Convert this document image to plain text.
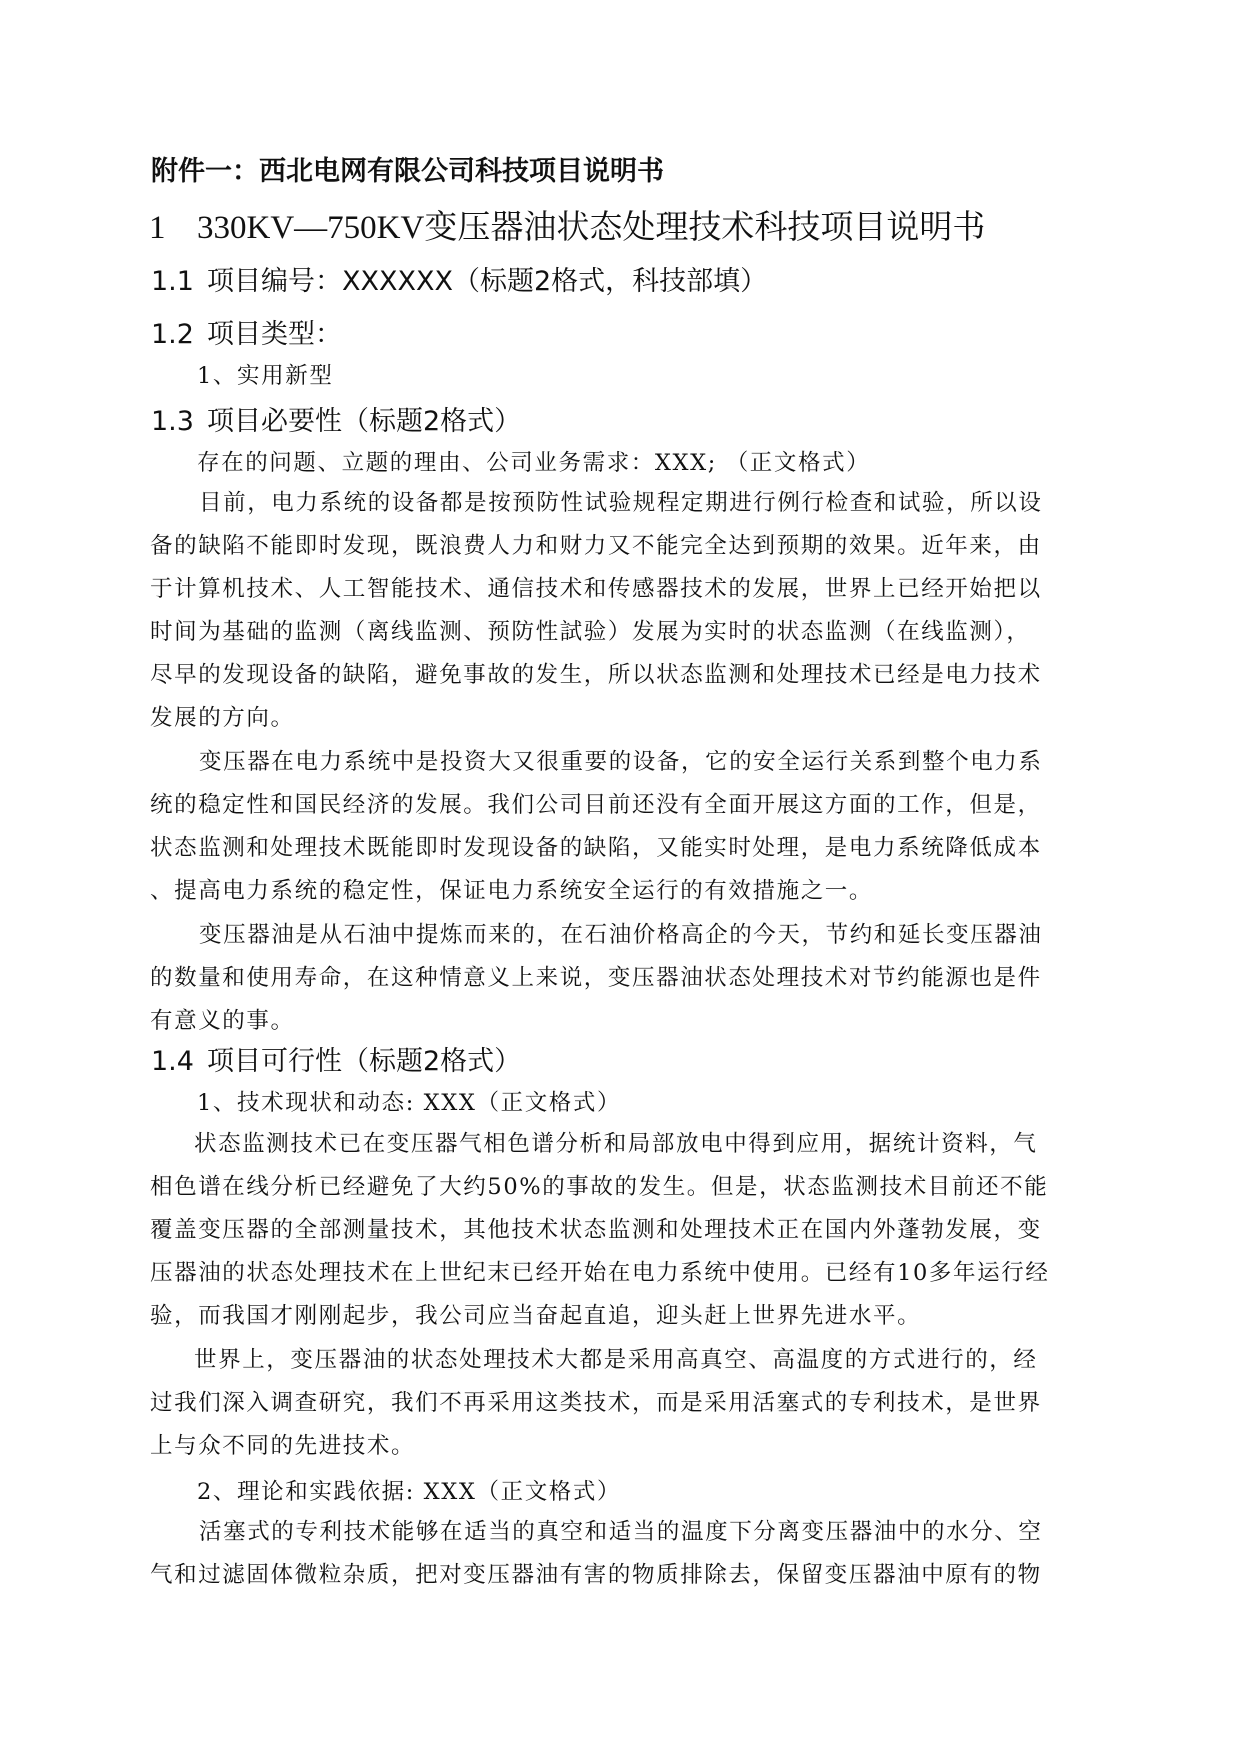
附件一：西北电网有限公司科技项目说明书
1 330KV—750KV变压器油状态处理技术科技项目说明书
1.1 项目编号：XXXXXX（标题2格式，科技部填）
1.2 项目类型：
1、实用新型
1.3 项目必要性（标题2格式）
存在的问题、立题的理由、公司业务需求：XXX; （正文格式）
目前，电力系统的设备都是按预防性试验规程定期进行例行检查和试验，所以设
备的缺陷不能即时发现，既浪费人力和财力又不能完全达到预期的效果。近年来，由
于计算机技术、人工智能技术、通信技术和传感器技术的发展，世界上已经开始把以
时间为基础的监测（离线监测、预防性試验）发展为实时的状态监测（在线监测），
尽早的发现设备的缺陷，避免事故的发生，所以状态监测和处理技术已经是电力技术
发展的方向。
变压器在电力系统中是投资大又很重要的设备，它的安全运行关系到整个电力系
统的稳定性和国民经济的发展。我们公司目前还没有全面开展这方面的工作，但是，
状态监测和处理技术既能即时发现设备的缺陷，又能实时处理，是电力系统降低成本
、提高电力系统的稳定性，保证电力系统安全运行的有效措施之一。
变压器油是从石油中提炼而来的，在石油价格高企的今天，节约和延长变压器油
的数量和使用寿命，在这种情意义上来说，变压器油状态处理技术对节约能源也是件
有意义的事。
1.4 项目可行性（标题2格式）
1、技术现状和动态: XXX（正文格式）
状态监测技术已在变压器气相色谱分析和局部放电中得到应用，据统计资料，气
相色谱在线分析已经避免了大约50%的事故的发生。但是，状态监测技术目前还不能
覆盖变压器的全部测量技术，其他技术状态监测和处理技术正在国内外蓬勃发展，变
压器油的状态处理技术在上世纪末已经开始在电力系统中使用。已经有10多年运行经
验，而我国才刚刚起步，我公司应当奋起直追，迎头赶上世界先进水平。
世界上，变压器油的状态处理技术大都是采用高真空、高温度的方式进行的，经
过我们深入调查研究，我们不再采用这类技术，而是采用活塞式的专利技术，是世界
上与众不同的先进技术。
2、理论和实践依据: XXX（正文格式）
活塞式的专利技术能够在适当的真空和适当的温度下分离变压器油中的水分、空
气和过滤固体微粒杂质，把对变压器油有害的物质排除去，保留变压器油中原有的物
